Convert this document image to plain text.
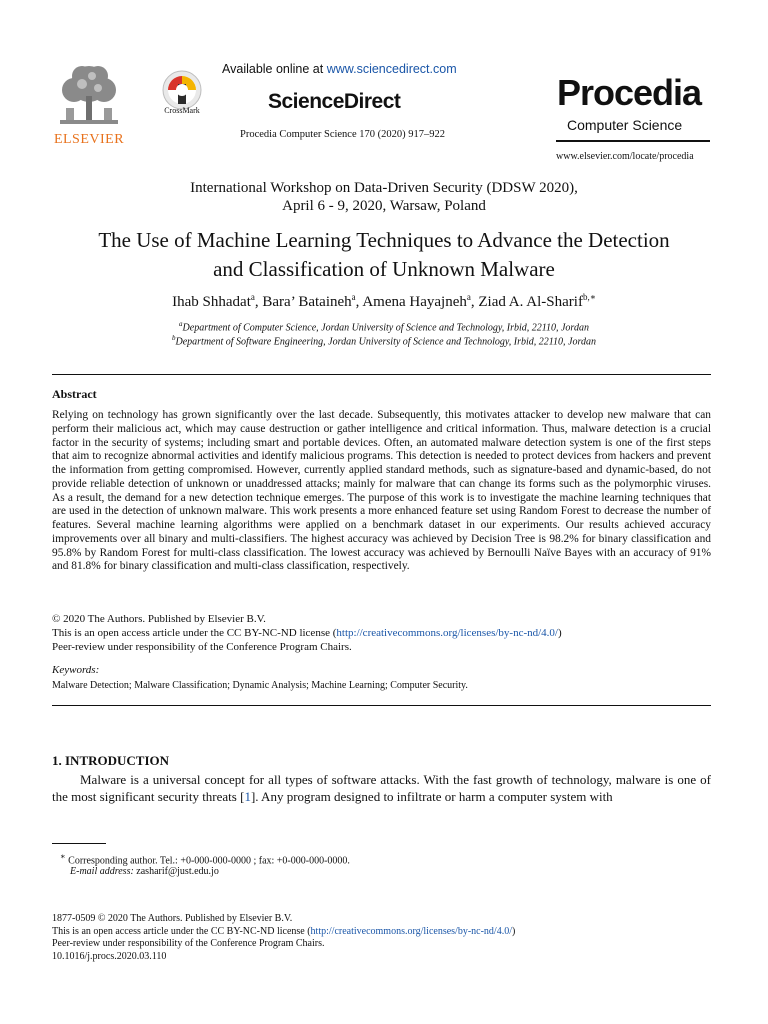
ELSEVIER
CrossMark
Available online at www.sciencedirect.com
ScienceDirect
Procedia Computer Science 170 (2020) 917–922
Procedia
Computer Science
www.elsevier.com/locate/procedia
International Workshop on Data-Driven Security (DDSW 2020),
April 6 - 9, 2020, Warsaw, Poland
The Use of Machine Learning Techniques to Advance the Detection
and Classification of Unknown Malware
Ihab Shhadat$^a$, Bara’ Bataineh$^a$, Amena Hayajneh$^a$, Ziad A. Al-Sharif$^{b,∗}$
$^a$Department of Computer Science, Jordan University of Science and Technology, Irbid, 22110, Jordan
$^b$Department of Software Engineering, Jordan University of Science and Technology, Irbid, 22110, Jordan
Abstract
Relying on technology has grown significantly over the last decade. Subsequently, this motivates attacker to develop new malware that can perform their malicious act, which may cause destruction or gather intelligence and critical information. Thus, malware detection is a crucial factor in the security of systems; including smart and portable devices. Often, an automated malware detection system is one of the first steps that aim to recognize abnormal activities and identify malicious programs. This detection is needed to protect devices from hackers and prevent the information from getting compromised. However, currently applied standard methods, such as signature-based and dynamic-based, do not provide reliable detection of unknown or unaddressed attacks; mainly for malware that can change its forms such as the polymorphic viruses. As a result, the demand for a new detection technique emerges. The purpose of this work is to investigate the machine learning techniques that are used in the detection of unknown malware. This work presents a more enhanced feature set using Random Forest to decrease the number of features. Several machine learning algorithms were applied on a benchmark dataset in our experiments. Our results achieved accuracy improvements over all binary and multi-classifiers. The highest accuracy was achieved by Decision Tree is 98.2% for binary classification and 95.8% by Random Forest for multi-class classification. The lowest accuracy was achieved by Bernoulli Naïve Bayes with an accuracy of 91% and 81.8% for binary classification and multi-class classification, respectively.
© 2020 The Authors. Published by Elsevier B.V.
This is an open access article under the CC BY-NC-ND license (http://creativecommons.org/licenses/by-nc-nd/4.0/)
Peer-review under responsibility of the Conference Program Chairs.
Keywords:
Malware Detection; Malware Classification; Dynamic Analysis; Machine Learning; Computer Security.
1. INTRODUCTION
Malware is a universal concept for all types of software attacks. With the fast growth of technology, malware is one of the most significant security threats [1]. Any program designed to infiltrate or harm a computer system with
∗ Corresponding author. Tel.: +0-000-000-0000 ; fax: +0-000-000-0000.
E-mail address: zasharif@just.edu.jo
1877-0509 © 2020 The Authors. Published by Elsevier B.V.
This is an open access article under the CC BY-NC-ND license (http://creativecommons.org/licenses/by-nc-nd/4.0/)
Peer-review under responsibility of the Conference Program Chairs.
10.1016/j.procs.2020.03.110
